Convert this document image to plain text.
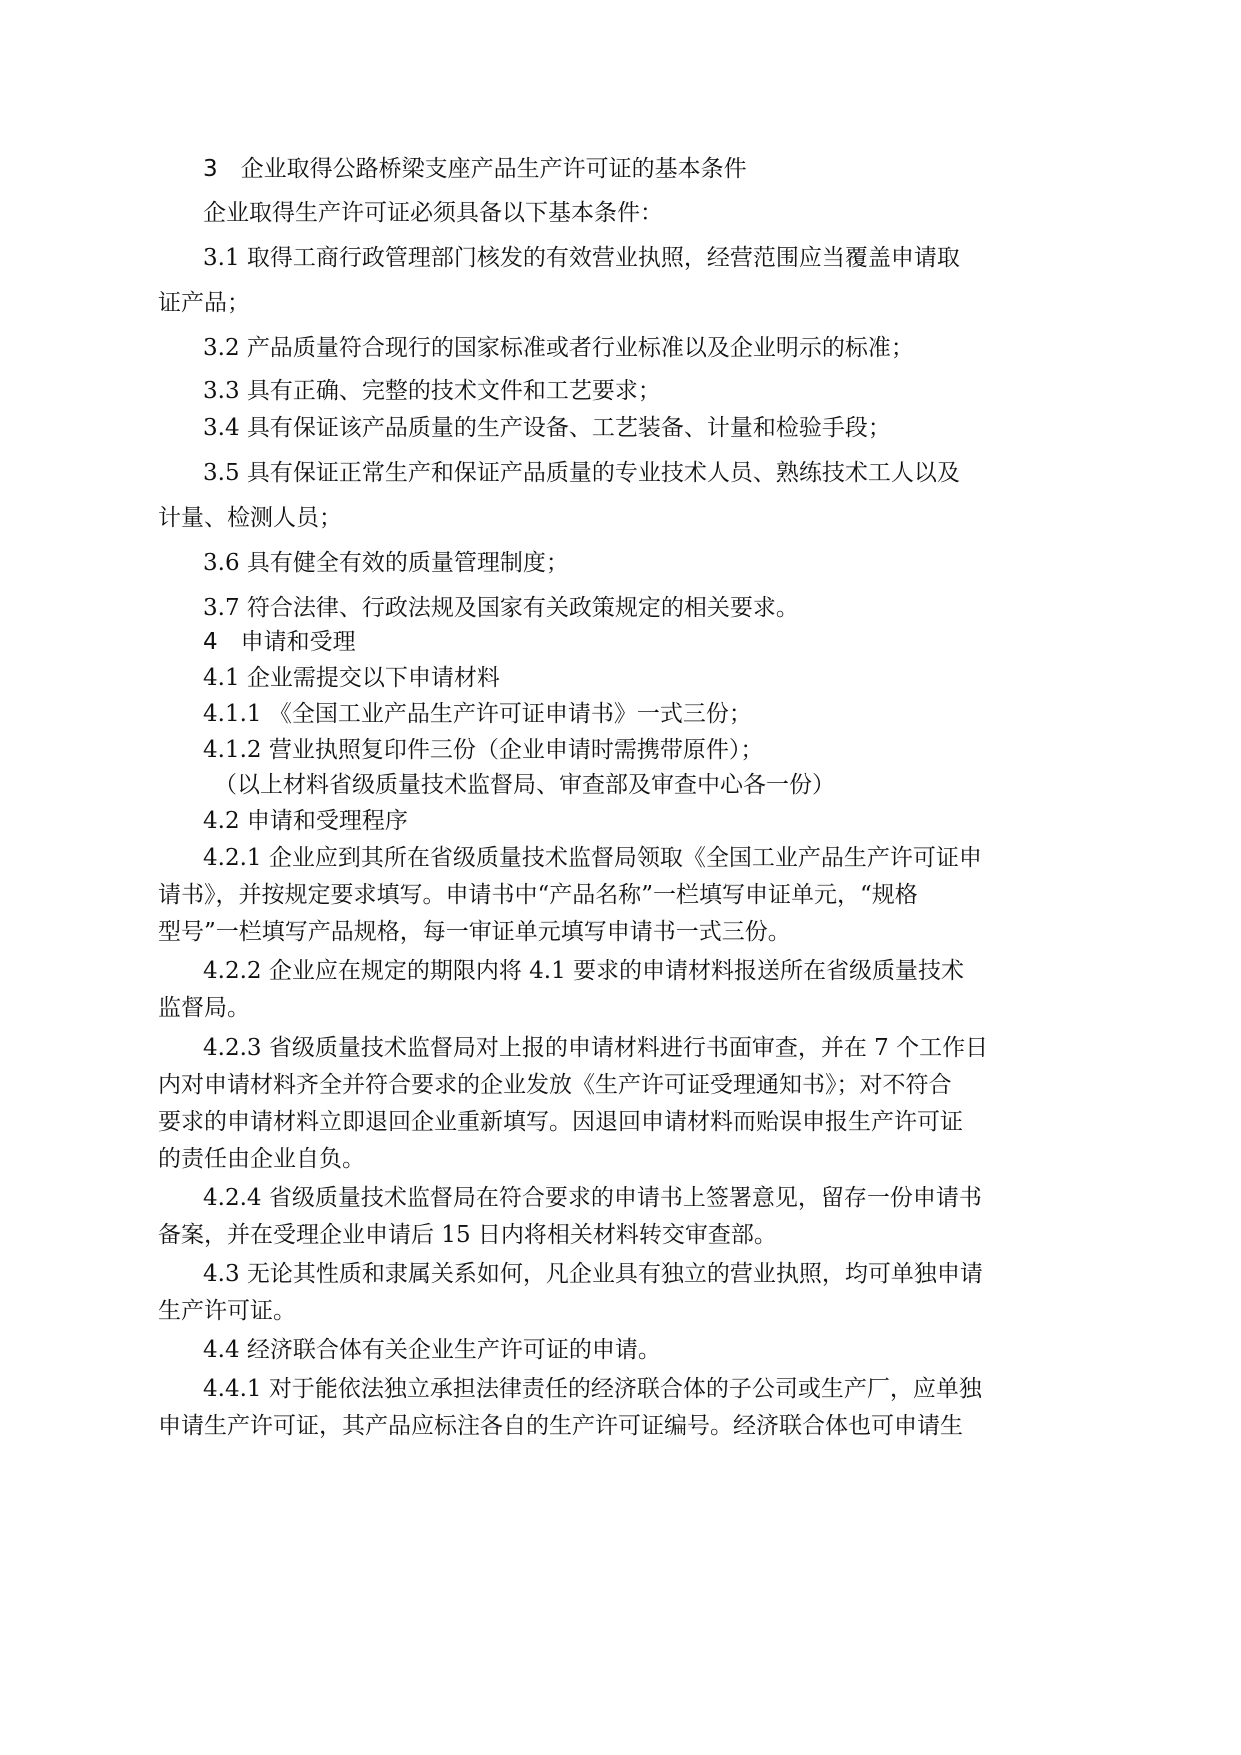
3　企业取得公路桥梁支座产品生产许可证的基本条件
企业取得生产许可证必须具备以下基本条件：
3.1 取得工商行政管理部门核发的有效营业执照，经营范围应当覆盖申请取
证产品；
3.2 产品质量符合现行的国家标准或者行业标准以及企业明示的标准；
3.3 具有正确、完整的技术文件和工艺要求；
3.4 具有保证该产品质量的生产设备、工艺装备、计量和检验手段；
3.5 具有保证正常生产和保证产品质量的专业技术人员、熟练技术工人以及
计量、检测人员；
3.6 具有健全有效的质量管理制度；
3.7 符合法律、行政法规及国家有关政策规定的相关要求。
4　申请和受理
4.1 企业需提交以下申请材料
4.1.1 《全国工业产品生产许可证申请书》一式三份；
4.1.2 营业执照复印件三份（企业申请时需携带原件）；
（以上材料省级质量技术监督局、审查部及审查中心各一份）
4.2 申请和受理程序
4.2.1 企业应到其所在省级质量技术监督局领取《全国工业产品生产许可证申
请书》，并按规定要求填写。申请书中“产品名称”一栏填写申证单元，“规格
型号”一栏填写产品规格，每一审证单元填写申请书一式三份。
4.2.2 企业应在规定的期限内将 4.1 要求的申请材料报送所在省级质量技术
监督局。
4.2.3 省级质量技术监督局对上报的申请材料进行书面审查，并在 7 个工作日
内对申请材料齐全并符合要求的企业发放《生产许可证受理通知书》；对不符合
要求的申请材料立即退回企业重新填写。因退回申请材料而贻误申报生产许可证
的责任由企业自负。
4.2.4 省级质量技术监督局在符合要求的申请书上签署意见，留存一份申请书
备案，并在受理企业申请后 15 日内将相关材料转交审查部。
4.3 无论其性质和隶属关系如何，凡企业具有独立的营业执照，均可单独申请
生产许可证。
4.4 经济联合体有关企业生产许可证的申请。
4.4.1 对于能依法独立承担法律责任的经济联合体的子公司或生产厂，应单独
申请生产许可证，其产品应标注各自的生产许可证编号。经济联合体也可申请生
